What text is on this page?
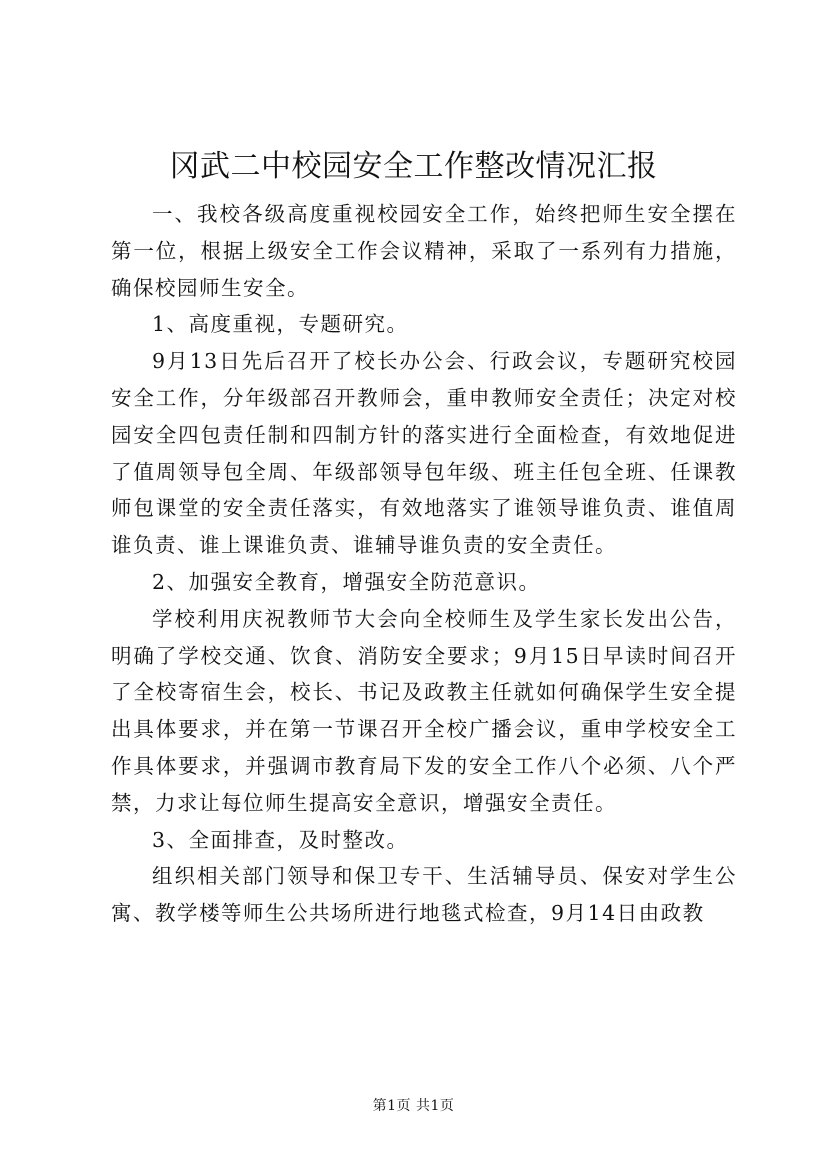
冈武二中校园安全工作整改情况汇报

一、我校各级高度重视校园安全工作，始终把师生安全摆在第一位，根据上级安全工作会议精神，采取了一系列有力措施，确保校园师生安全。

1、高度重视，专题研究。

9月13日先后召开了校长办公会、行政会议，专题研究校园安全工作，分年级部召开教师会，重申教师安全责任；决定对校园安全四包责任制和四制方针的落实进行全面检查，有效地促进了值周领导包全周、年级部领导包年级、班主任包全班、任课教师包课堂的安全责任落实，有效地落实了谁领导谁负责、谁值周谁负责、谁上课谁负责、谁辅导谁负责的安全责任。

2、加强安全教育，增强安全防范意识。

学校利用庆祝教师节大会向全校师生及学生家长发出公告，明确了学校交通、饮食、消防安全要求；9月15日早读时间召开了全校寄宿生会，校长、书记及政教主任就如何确保学生安全提出具体要求，并在第一节课召开全校广播会议，重申学校安全工作具体要求，并强调市教育局下发的安全工作八个必须、八个严禁，力求让每位师生提高安全意识，增强安全责任。

3、全面排查，及时整改。

组织相关部门领导和保卫专干、生活辅导员、保安对学生公寓、教学楼等师生公共场所进行地毯式检查，9月14日由政教

第1页 共1页
